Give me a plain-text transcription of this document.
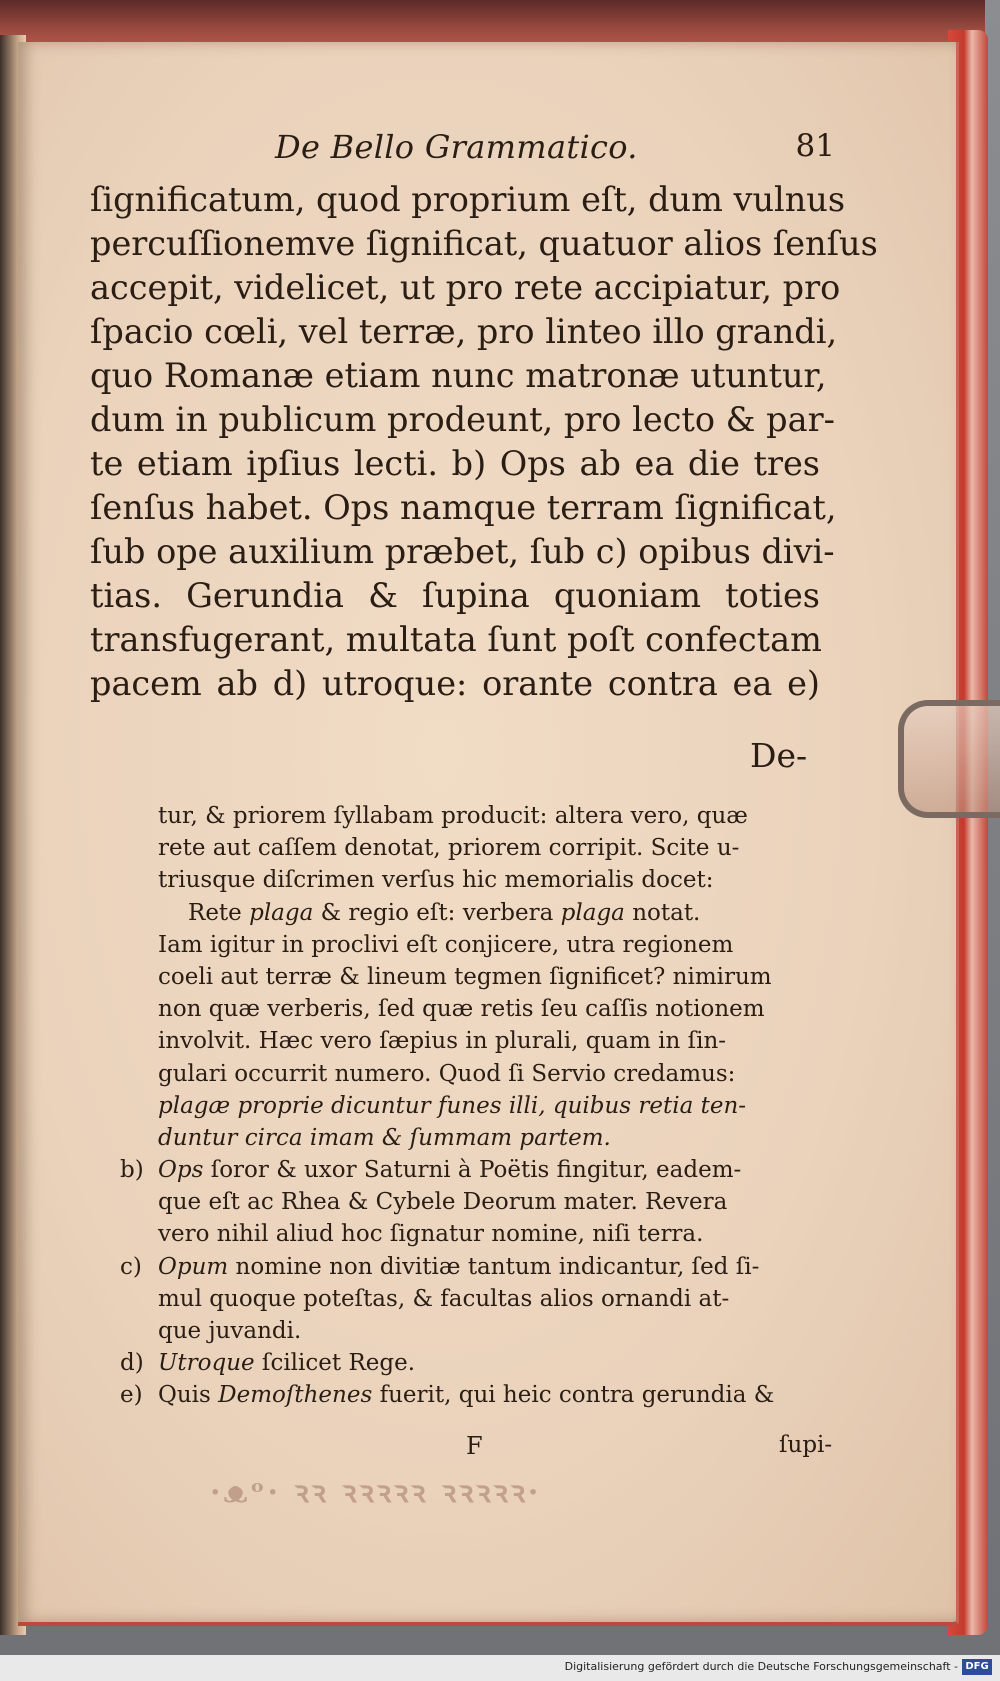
De Bello Grammatico.	81
ſignificatum, quod proprium eſt, dum vulnus
percuſſionemve ſignificat, quatuor alios ſenſus
accepit, videlicet, ut pro rete accipiatur, pro
ſpacio cœli, vel terræ, pro linteo illo grandi,
quo Romanæ etiam nunc matronæ utuntur,
dum in publicum prodeunt, pro lecto & par-
te etiam ipſius lecti. b) Ops ab ea die tres
ſenſus habet. Ops namque terram ſignificat,
ſub ope auxilium præbet, ſub c) opibus divi-
tias. Gerundia & ſupina quoniam toties
transfugerant, multata ſunt poſt confectam
pacem ab d) utroque: orante contra ea e)
De-
tur, & priorem ſyllabam producit: altera vero, quæ
rete aut caſſem denotat, priorem corripit. Scite u-
triusque diſcrimen verſus hic memorialis docet:
Rete plaga & regio eſt: verbera plaga notat.
Iam igitur in proclivi eſt conjicere, utra regionem
coeli aut terræ & lineum tegmen ſignificet? nimirum
non quæ verberis, ſed quæ retis ſeu caſſis notionem
involvit. Hæc vero ſæpius in plurali, quam in ſin-
gulari occurrit numero. Quod ſi Servio credamus:
plagæ proprie dicuntur funes illi, quibus retia ten-
duntur circa imam & ſummam partem.
b) Ops ſoror & uxor Saturni à Poëtis fingitur, eadem-
que eſt ac Rhea & Cybele Deorum mater. Revera
vero nihil aliud hoc ſignatur nomine, niſi terra.
c) Opum nomine non divitiæ tantum indicantur, ſed ſi-
mul quoque poteſtas, & facultas alios ornandi at-
que juvandi.
d) Utroque ſcilicet Rege.
e) Quis Demoſthenes fuerit, qui heic contra gerundia &
F	ſupi-
·ᴥᵒ· ꝛꝛ ꝛꝛꝛꝛꝛ ꝛꝛꝛꝛꝛ·
Digitalisierung gefördert durch die Deutsche Forschungsgemeinschaft - DFG
